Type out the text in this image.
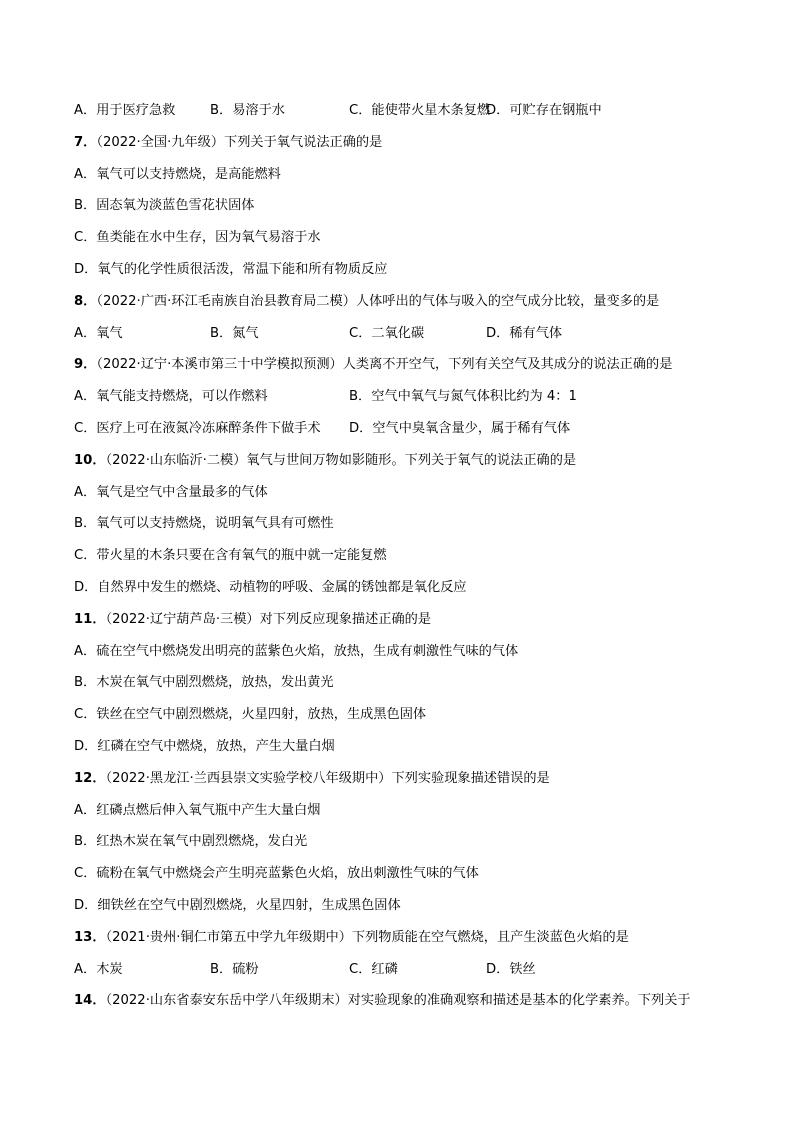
A．用于医疗急救	B．易溶于水	C．能使带火星木条复燃
D．可贮存在钢瓶中
7．（2022·全国·九年级）下列关于氧气说法正确的是
A．氧气可以支持燃烧，是高能燃料
B．固态氧为淡蓝色雪花状固体
C．鱼类能在水中生存，因为氧气易溶于水
D．氧气的化学性质很活泼，常温下能和所有物质反应
8．（2022·广西·环江毛南族自治县教育局二模）人体呼出的气体与吸入的空气成分比较，量变多的是
A．氧气	B．氮气	C．二氧化碳	D．稀有气体
9．（2022·辽宁·本溪市第三十中学模拟预测）人类离不开空气，下列有关空气及其成分的说法正确的是
A．氧气能支持燃烧，可以作燃料	B．空气中氧气与氮气体积比约为 4：1
C．医疗上可在液氮冷冻麻醉条件下做手术 D．空气中臭氧含量少，属于稀有气体
10．（2022·山东临沂·二模）氧气与世间万物如影随形。下列关于氧气的说法正确的是
A．氧气是空气中含量最多的气体
B．氧气可以支持燃烧，说明氧气具有可燃性
C．带火星的木条只要在含有氧气的瓶中就一定能复燃
D．自然界中发生的燃烧、动植物的呼吸、金属的锈蚀都是氧化反应
11．（2022·辽宁葫芦岛·三模）对下列反应现象描述正确的是
A．硫在空气中燃烧发出明亮的蓝紫色火焰，放热，生成有刺激性气味的气体
B．木炭在氧气中剧烈燃烧，放热，发出黄光
C．铁丝在空气中剧烈燃烧，火星四射，放热，生成黑色固体
D．红磷在空气中燃烧，放热，产生大量白烟
12．（2022·黑龙江·兰西县崇文实验学校八年级期中）下列实验现象描述错误的是
A．红磷点燃后伸入氧气瓶中产生大量白烟
B．红热木炭在氧气中剧烈燃烧，发白光
C．硫粉在氧气中燃烧会产生明亮蓝紫色火焰，放出刺激性气味的气体
D．细铁丝在空气中剧烈燃烧，火星四射，生成黑色固体
13．（2021·贵州·铜仁市第五中学九年级期中）下列物质能在空气燃烧，且产生淡蓝色火焰的是
A．木炭	B．硫粉	C．红磷	D．铁丝
14．（2022·山东省泰安东岳中学八年级期末）对实验现象的准确观察和描述是基本的化学素养。下列关于
